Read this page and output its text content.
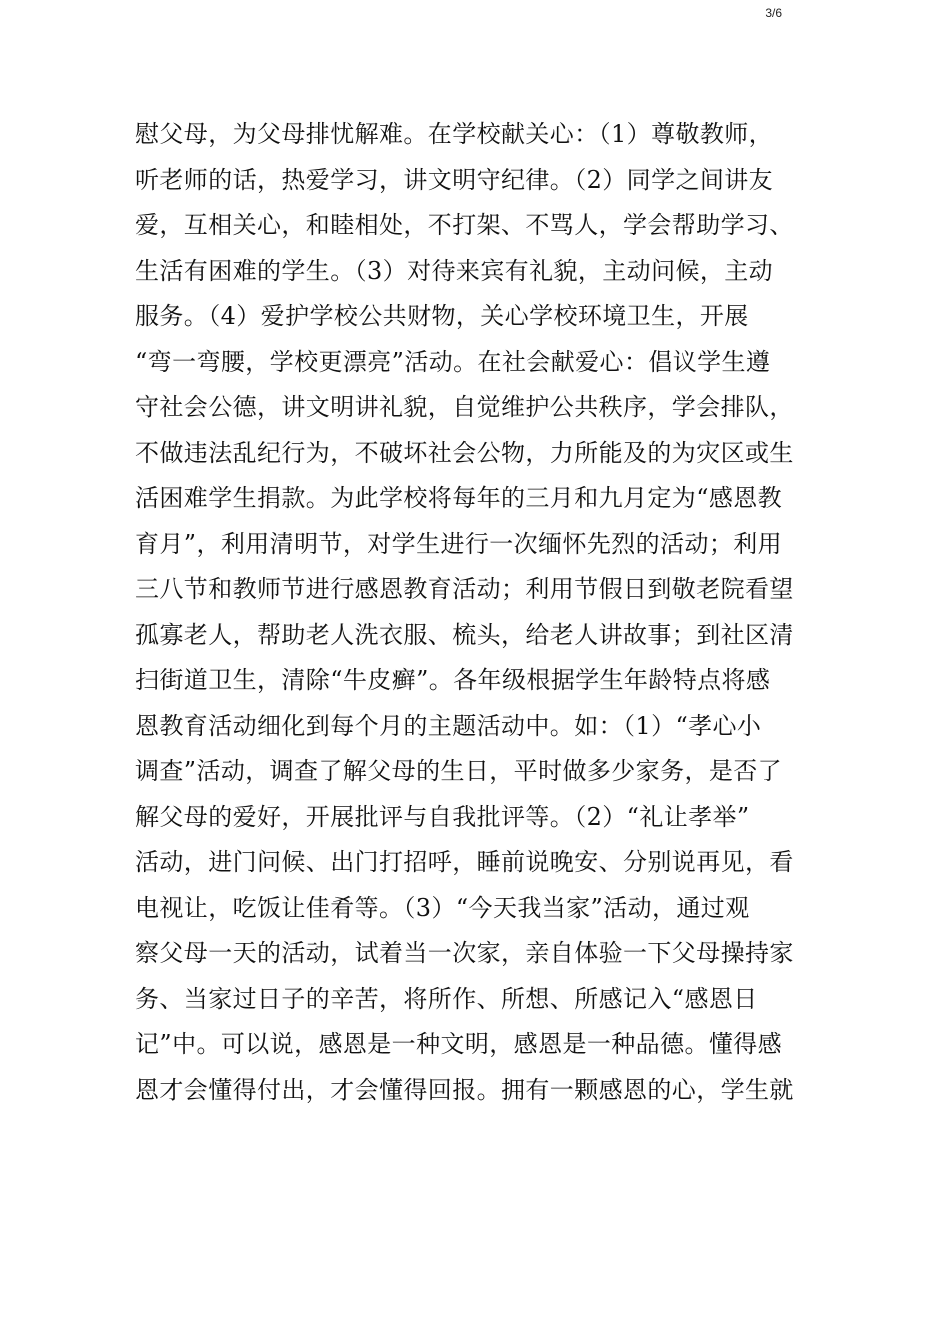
3/6
慰父母，为父母排忧解难。在学校献关心：（1）尊敬教师，
听老师的话，热爱学习，讲文明守纪律。（2）同学之间讲友
爱，互相关心，和睦相处，不打架、不骂人，学会帮助学习、
生活有困难的学生。（3）对待来宾有礼貌，主动问候，主动
服务。（4）爱护学校公共财物，关心学校环境卫生，开展
“弯一弯腰，学校更漂亮”活动。在社会献爱心：倡议学生遵
守社会公德，讲文明讲礼貌，自觉维护公共秩序，学会排队，
不做违法乱纪行为，不破坏社会公物，力所能及的为灾区或生
活困难学生捐款。为此学校将每年的三月和九月定为“感恩教
育月”，利用清明节，对学生进行一次缅怀先烈的活动；利用
三八节和教师节进行感恩教育活动；利用节假日到敬老院看望
孤寡老人，帮助老人洗衣服、梳头，给老人讲故事；到社区清
扫街道卫生，清除“牛皮癣”。各年级根据学生年龄特点将感
恩教育活动细化到每个月的主题活动中。如：（1）“孝心小
调查”活动，调查了解父母的生日，平时做多少家务，是否了
解父母的爱好，开展批评与自我批评等。（2）“礼让孝举”
活动，进门问候、出门打招呼，睡前说晚安、分别说再见，看
电视让，吃饭让佳肴等。（3）“今天我当家”活动，通过观
察父母一天的活动，试着当一次家，亲自体验一下父母操持家
务、当家过日子的辛苦，将所作、所想、所感记入“感恩日
记”中。可以说，感恩是一种文明，感恩是一种品德。懂得感
恩才会懂得付出，才会懂得回报。拥有一颗感恩的心，学生就
